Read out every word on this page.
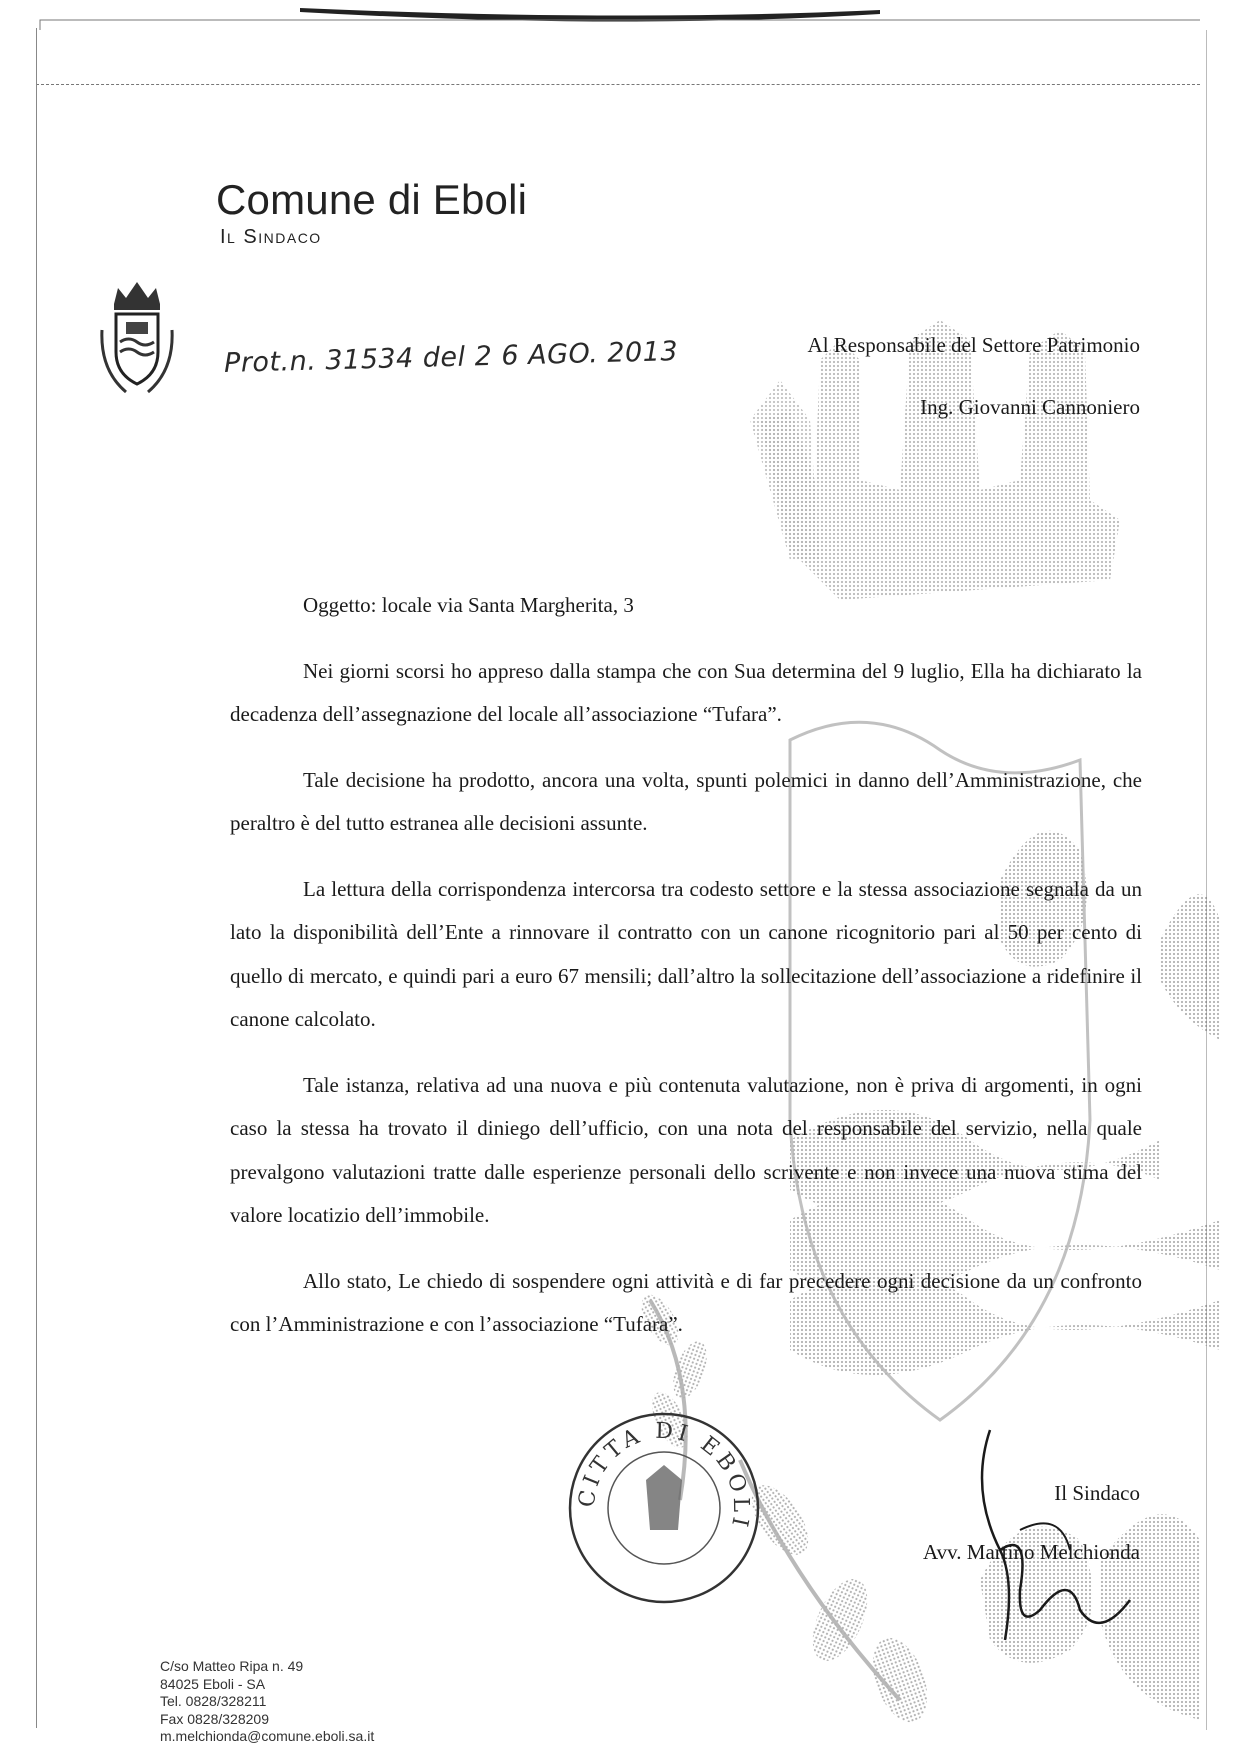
Comune di Eboli
Il Sindaco
Prot.n. 31534 del 2 6 AGO. 2013	Al Responsabile del Settore Patrimonio
Ing. Giovanni Cannoniero

Oggetto: locale via Santa Margherita, 3

Nei giorni scorsi ho appreso dalla stampa che con Sua determina del 9 luglio, Ella ha dichiarato la decadenza dell’assegnazione del locale all’associazione “Tufara”.

Tale decisione ha prodotto, ancora una volta, spunti polemici in danno dell’Amministrazione, che peraltro è del tutto estranea alle decisioni assunte.

La lettura della corrispondenza intercorsa tra codesto settore e la stessa associazione segnala da un lato la disponibilità dell’Ente a rinnovare il contratto con un canone ricognitorio pari al 50 per cento di quello di mercato, e quindi pari a euro 67 mensili; dall’altro la sollecitazione dell’associazione a ridefinire il canone calcolato.

Tale istanza, relativa ad una nuova e più contenuta valutazione, non è priva di argomenti, in ogni caso la stessa ha trovato il diniego dell’ufficio, con una nota del responsabile del servizio, nella quale prevalgono valutazioni tratte dalle esperienze personali dello scrivente e non invece una nuova stima del valore locatizio dell’immobile.

Allo stato, Le chiedo di sospendere ogni attività e di far precedere ogni decisione da un confronto con l’Amministrazione e con l’associazione “Tufara”.

CITTA DI EBOLI
Il Sindaco
Avv. Martino Melchionda
C/so Matteo Ripa n. 49
84025 Eboli - SA
Tel. 0828/328211
Fax 0828/328209
m.melchionda@comune.eboli.sa.it
